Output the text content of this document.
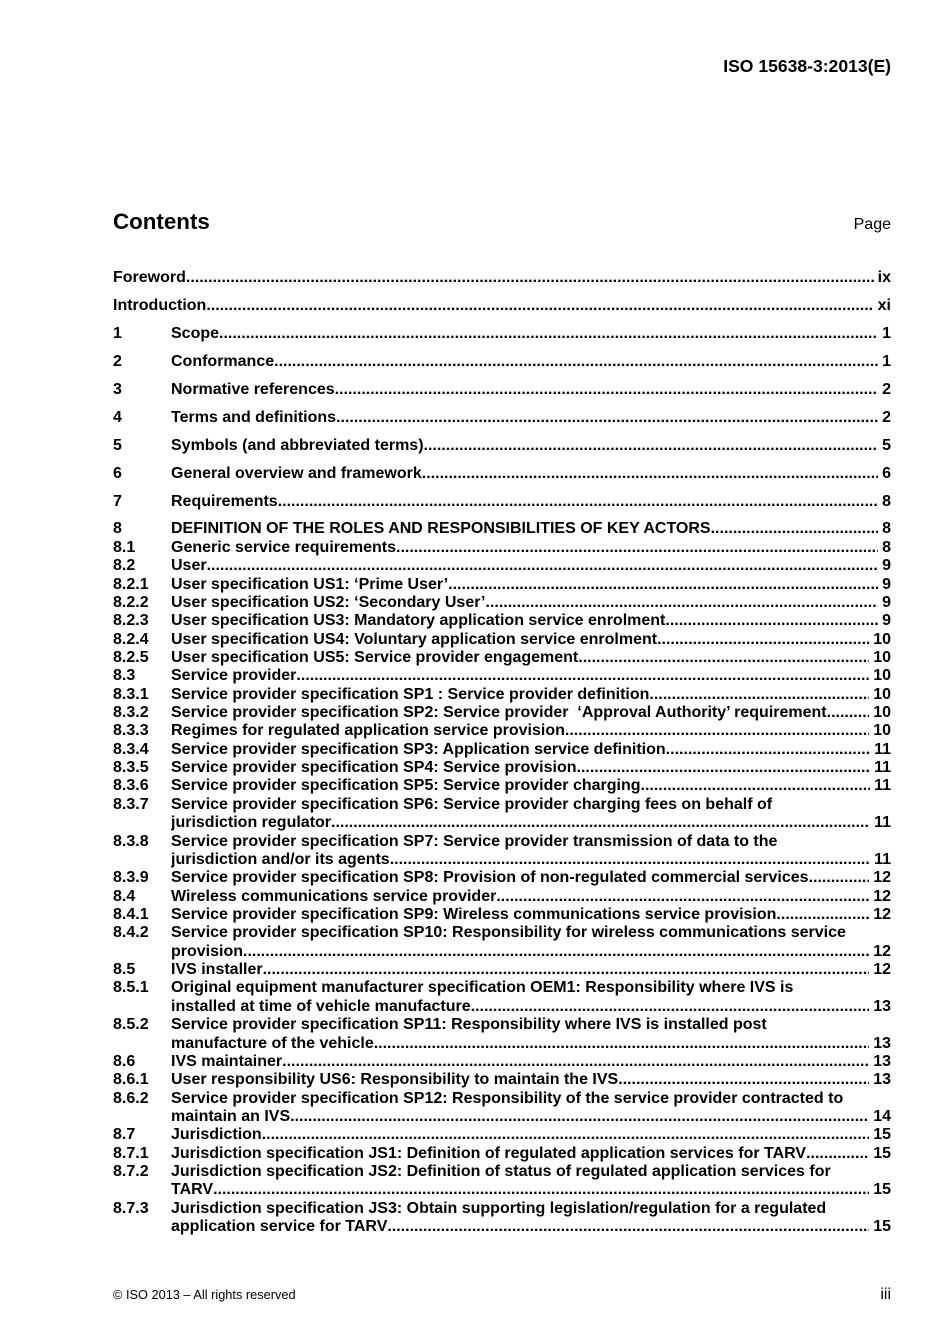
ISO 15638-3:2013(E)
Contents	Page
Foreword	ix
Introduction	xi
1	Scope	1
2	Conformance	1
3	Normative references	2
4	Terms and definitions	2
5	Symbols (and abbreviated terms)	5
6	General overview and framework	6
7	Requirements	8
8	DEFINITION OF THE ROLES AND RESPONSIBILITIES OF KEY ACTORS	8
8.1 Generic service requirements	8
8.2 User	9
8.2.1 User specification US1: ‘Prime User’	9
8.2.2 User specification US2: ‘Secondary User’	9
8.2.3 User specification US3: Mandatory application service enrolment	9
8.2.4 User specification US4: Voluntary application service enrolment	10
8.2.5 User specification US5: Service provider engagement	10
8.3 Service provider	10
8.3.1 Service provider specification SP1 : Service provider definition	10
8.3.2 Service provider specification SP2: Service provider  ‘Approval Authority’ requirement	10
8.3.3 Regimes for regulated application service provision	10
8.3.4 Service provider specification SP3: Application service definition	11
8.3.5 Service provider specification SP4: Service provision	11
8.3.6 Service provider specification SP5: Service provider charging	11
8.3.7 Service provider specification SP6: Service provider charging fees on behalf of jurisdiction regulator	11
8.3.8 Service provider specification SP7: Service provider transmission of data to the jurisdiction and/or its agents	11
8.3.9 Service provider specification SP8: Provision of non-regulated commercial services	12
8.4 Wireless communications service provider	12
8.4.1 Service provider specification SP9: Wireless communications service provision	12
8.4.2 Service provider specification SP10: Responsibility for wireless communications service provision	12
8.5 IVS installer	12
8.5.1 Original equipment manufacturer specification OEM1: Responsibility where IVS is installed at time of vehicle manufacture	13
8.5.2 Service provider specification SP11: Responsibility where IVS is installed post manufacture of the vehicle	13
8.6 IVS maintainer	13
8.6.1 User responsibility US6: Responsibility to maintain the IVS	13
8.6.2 Service provider specification SP12: Responsibility of the service provider contracted to maintain an IVS	14
8.7 Jurisdiction	15
8.7.1 Jurisdiction specification JS1: Definition of regulated application services for TARV	15
8.7.2 Jurisdiction specification JS2: Definition of status of regulated application services for TARV	15
8.7.3 Jurisdiction specification JS3: Obtain supporting legislation/regulation for a regulated application service for TARV	15
© ISO 2013 – All rights reserved	iii
